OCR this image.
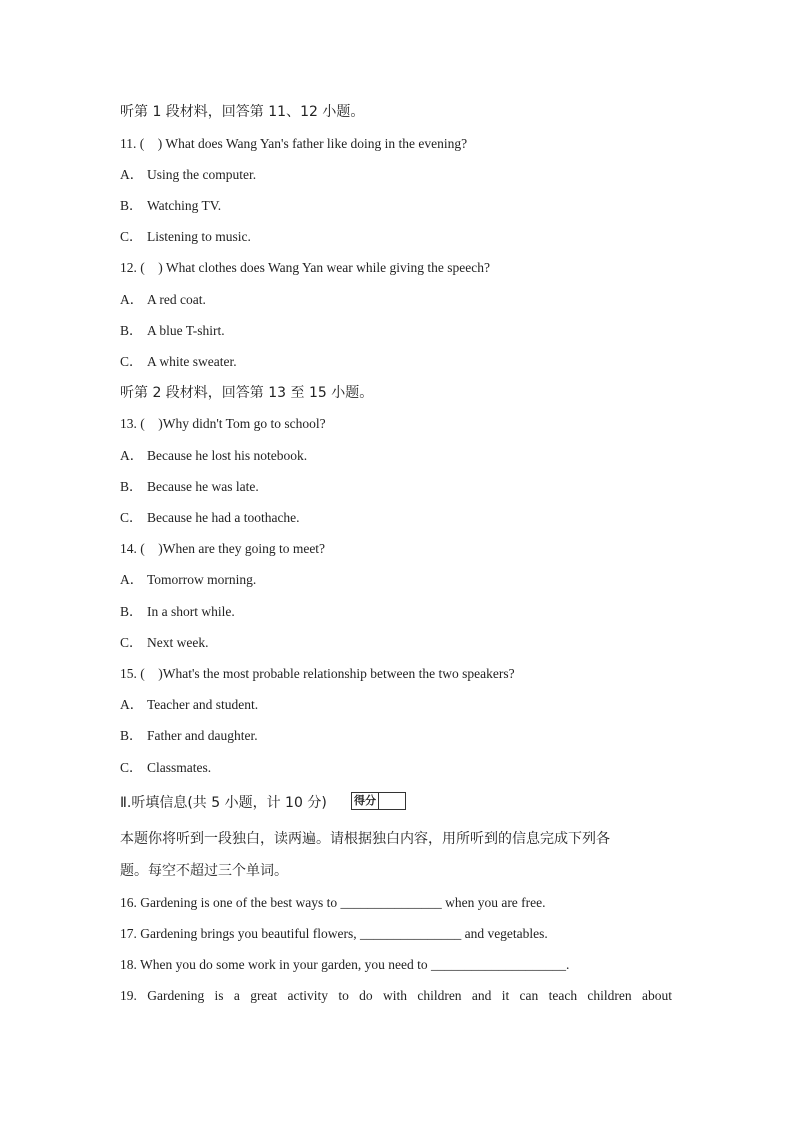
听第 1 段材料，回答第 11、12 小题。
11. (    ) What does Wang Yan's father like doing in the evening?
A． Using the computer.
B． Watching TV.
C． Listening to music.
12. (    ) What clothes does Wang Yan wear while giving the speech?
A． A red coat.
B． A blue T-shirt.
C． A white sweater.
听第 2 段材料，回答第 13 至 15 小题。
13. (    )Why didn't Tom go to school?
A． Because he lost his notebook.
B． Because he was late.
C． Because he had a toothache.
14. (    )When are they going to meet?
A． Tomorrow morning.
B． In a short while.
C． Next week.
15. (    )What's the most probable relationship between the two speakers?
A． Teacher and student.
B． Father and daughter.
C． Classmates.
Ⅱ.听填信息(共 5 小题，计 10 分) 得分
本题你将听到一段独白，读两遍。请根据独白内容，用所听到的信息完成下列各
题。每空不超过三个单词。
16. Gardening is one of the best ways to _______________ when you are free.
17. Gardening brings you beautiful flowers, _______________ and vegetables.
18. When you do some work in your garden, you need to ____________________.
19. Gardening is a great activity to do with children and it can teach children about
